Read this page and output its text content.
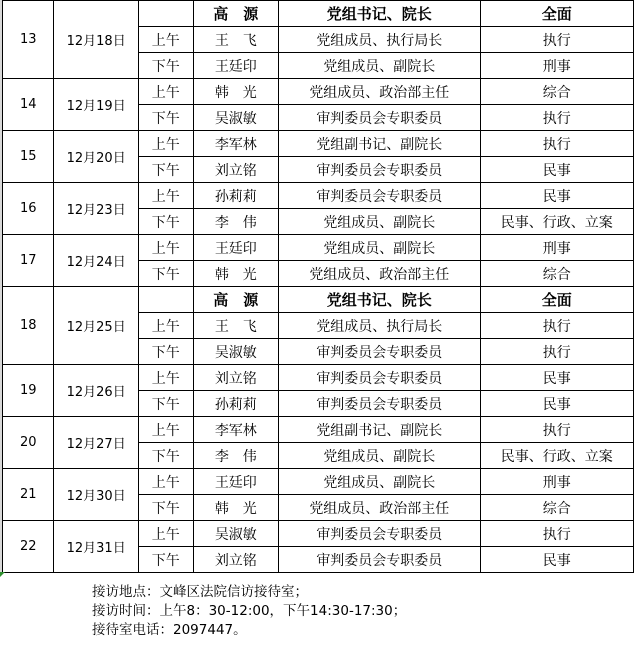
13	12月18日		高　源	党组书记、院长	全面
		上午	王　飞	党组成员、执行局长	执行
		下午	王廷印	党组成员、副院长	刑事
14	12月19日	上午	韩　光	党组成员、政治部主任	综合
		下午	吴淑敏	审判委员会专职委员	执行
15	12月20日	上午	李军林	党组副书记、副院长	执行
		下午	刘立铭	审判委员会专职委员	民事
16	12月23日	上午	孙莉莉	审判委员会专职委员	民事
		下午	李　伟	党组成员、副院长	民事、行政、立案
17	12月24日	上午	王廷印	党组成员、副院长	刑事
		下午	韩　光	党组成员、政治部主任	综合
18	12月25日		高　源	党组书记、院长	全面
		上午	王　飞	党组成员、执行局长	执行
		下午	吴淑敏	审判委员会专职委员	执行
19	12月26日	上午	刘立铭	审判委员会专职委员	民事
		下午	孙莉莉	审判委员会专职委员	民事
20	12月27日	上午	李军林	党组副书记、副院长	执行
		下午	李　伟	党组成员、副院长	民事、行政、立案
21	12月30日	上午	王廷印	党组成员、副院长	刑事
		下午	韩　光	党组成员、政治部主任	综合
22	12月31日	上午	吴淑敏	审判委员会专职委员	执行
		下午	刘立铭	审判委员会专职委员	民事
接访地点：文峰区法院信访接待室；
接访时间：上午8：30-12:00，下午14:30-17:30；
接待室电话：2097447。
